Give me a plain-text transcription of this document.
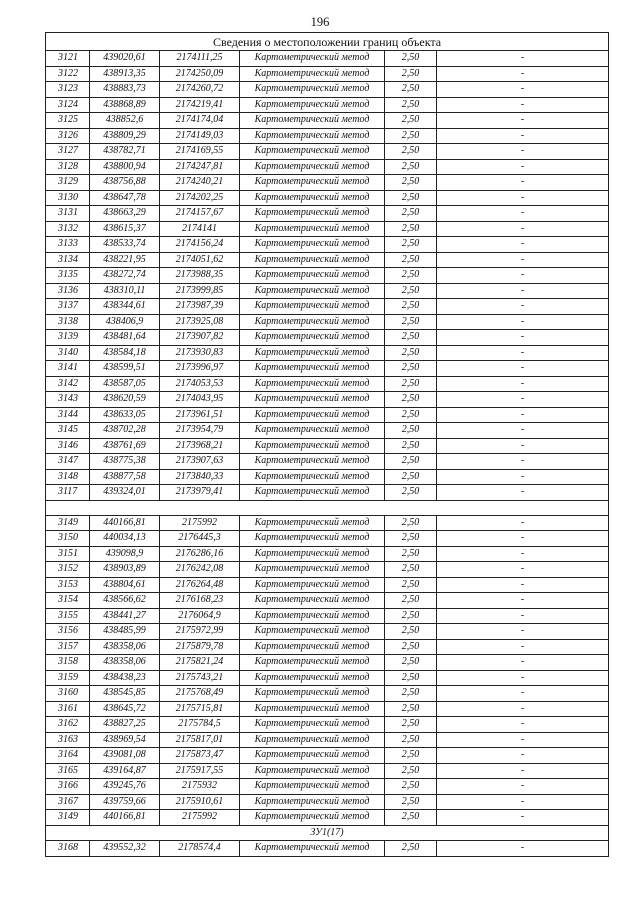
196
Сведения о местоположении границ объекта					
3121	439020,61	2174111,25	Картометрический метод	2,50	-
3122	438913,35	2174250,09	Картометрический метод	2,50	-
3123	438883,73	2174260,72	Картометрический метод	2,50	-
3124	438868,89	2174219,41	Картометрический метод	2,50	-
3125	438852,6	2174174,04	Картометрический метод	2,50	-
3126	438809,29	2174149,03	Картометрический метод	2,50	-
3127	438782,71	2174169,55	Картометрический метод	2,50	-
3128	438800,94	2174247,81	Картометрический метод	2,50	-
3129	438756,88	2174240,21	Картометрический метод	2,50	-
3130	438647,78	2174202,25	Картометрический метод	2,50	-
3131	438663,29	2174157,67	Картометрический метод	2,50	-
3132	438615,37	2174141	Картометрический метод	2,50	-
3133	438533,74	2174156,24	Картометрический метод	2,50	-
3134	438221,95	2174051,62	Картометрический метод	2,50	-
3135	438272,74	2173988,35	Картометрический метод	2,50	-
3136	438310,11	2173999,85	Картометрический метод	2,50	-
3137	438344,61	2173987,39	Картометрический метод	2,50	-
3138	438406,9	2173925,08	Картометрический метод	2,50	-
3139	438481,64	2173907,82	Картометрический метод	2,50	-
3140	438584,18	2173930,83	Картометрический метод	2,50	-
3141	438599,51	2173996,97	Картометрический метод	2,50	-
3142	438587,05	2174053,53	Картометрический метод	2,50	-
3143	438620,59	2174043,95	Картометрический метод	2,50	-
3144	438633,05	2173961,51	Картометрический метод	2,50	-
3145	438702,28	2173954,79	Картометрический метод	2,50	-
3146	438761,69	2173968,21	Картометрический метод	2,50	-
3147	438775,38	2173907,63	Картометрический метод	2,50	-
3148	438877,58	2173840,33	Картометрический метод	2,50	-
3117	439324,01	2173979,41	Картометрический метод	2,50	-

3149	440166,81	2175992	Картометрический метод	2,50	-
3150	440034,13	2176445,3	Картометрический метод	2,50	-
3151	439098,9	2176286,16	Картометрический метод	2,50	-
3152	438903,89	2176242,08	Картометрический метод	2,50	-
3153	438804,61	2176264,48	Картометрический метод	2,50	-
3154	438566,62	2176168,23	Картометрический метод	2,50	-
3155	438441,27	2176064,9	Картометрический метод	2,50	-
3156	438485,99	2175972,99	Картометрический метод	2,50	-
3157	438358,06	2175879,78	Картометрический метод	2,50	-
3158	438358,06	2175821,24	Картометрический метод	2,50	-
3159	438438,23	2175743,21	Картометрический метод	2,50	-
3160	438545,85	2175768,49	Картометрический метод	2,50	-
3161	438645,72	2175715,81	Картометрический метод	2,50	-
3162	438827,25	2175784,5	Картометрический метод	2,50	-
3163	438969,54	2175817,01	Картометрический метод	2,50	-
3164	439081,08	2175873,47	Картометрический метод	2,50	-
3165	439164,87	2175917,55	Картометрический метод	2,50	-
3166	439245,76	2175932	Картометрический метод	2,50	-
3167	439759,66	2175910,61	Картометрический метод	2,50	-
3149	440166,81	2175992	Картометрический метод	2,50	-
ЗУ1(17)					
3168	439552,32	2178574,4	Картометрический метод	2,50	-
